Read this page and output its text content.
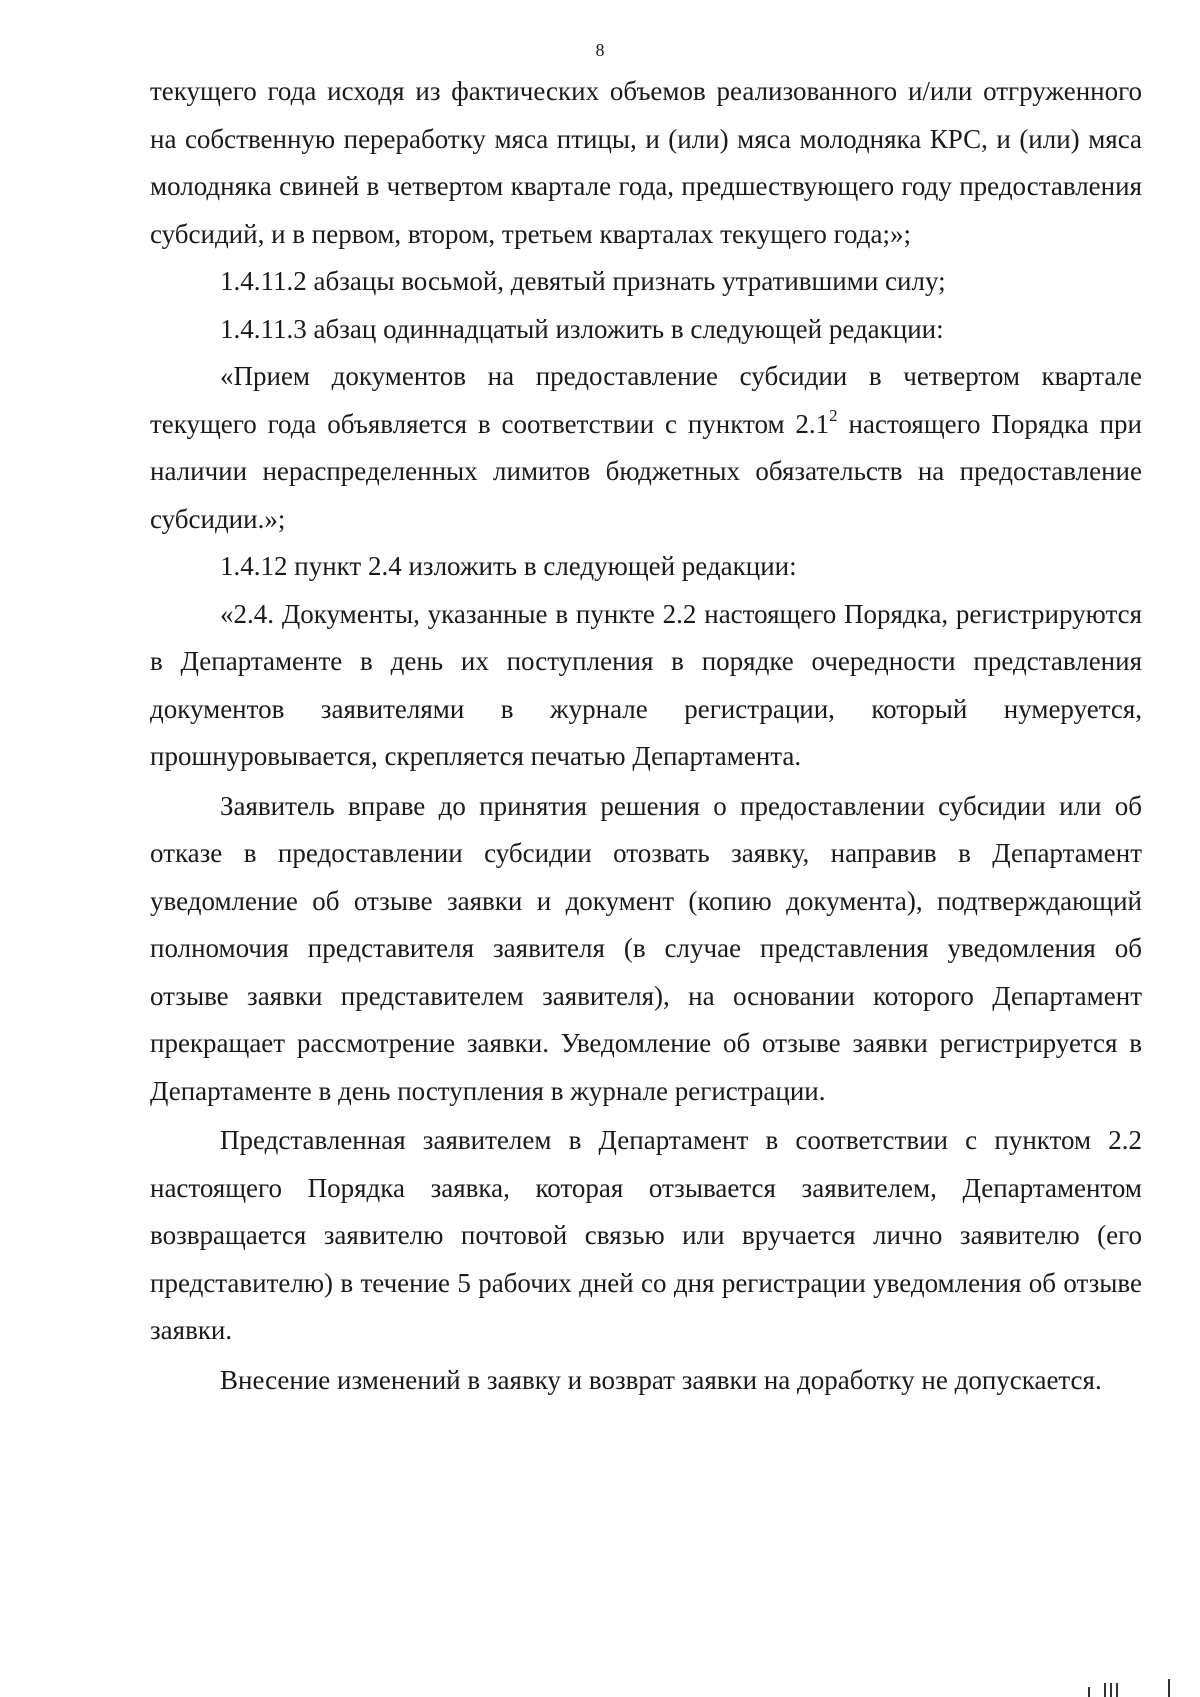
8

текущего года исходя из фактических объемов реализованного и/или отгруженного на собственную переработку мяса птицы, и (или) мяса молодняка КРС, и (или) мяса молодняка свиней в четвертом квартале года, предшествующего году предоставления субсидий, и в первом, втором, третьем кварталах текущего года;»;

1.4.11.2 абзацы восьмой, девятый признать утратившими силу;

1.4.11.3 абзац одиннадцатый изложить в следующей редакции:

«Прием документов на предоставление субсидии в четвертом квартале текущего года объявляется в соответствии с пунктом $2.1^2$ настоящего Порядка при наличии нераспределенных лимитов бюджетных обязательств на предоставление субсидии.»;

1.4.12 пункт 2.4 изложить в следующей редакции:

«2.4. Документы, указанные в пункте 2.2 настоящего Порядка, регистрируются в Департаменте в день их поступления в порядке очередности представления документов заявителями в журнале регистрации, который нумеруется, прошнуровывается, скрепляется печатью Департамента.

Заявитель вправе до принятия решения о предоставлении субсидии или об отказе в предоставлении субсидии отозвать заявку, направив в Департамент уведомление об отзыве заявки и документ (копию документа), подтверждающий полномочия представителя заявителя (в случае представления уведомления об отзыве заявки представителем заявителя), на основании которого Департамент прекращает рассмотрение заявки. Уведомление об отзыве заявки регистрируется в Департаменте в день поступления в журнале регистрации.

Представленная заявителем в Департамент в соответствии с пунктом 2.2 настоящего Порядка заявка, которая отзывается заявителем, Департаментом возвращается заявителю почтовой связью или вручается лично заявителю (его представителю) в течение 5 рабочих дней со дня регистрации уведомления об отзыве заявки.

Внесение изменений в заявку и возврат заявки на доработку не допускается.
